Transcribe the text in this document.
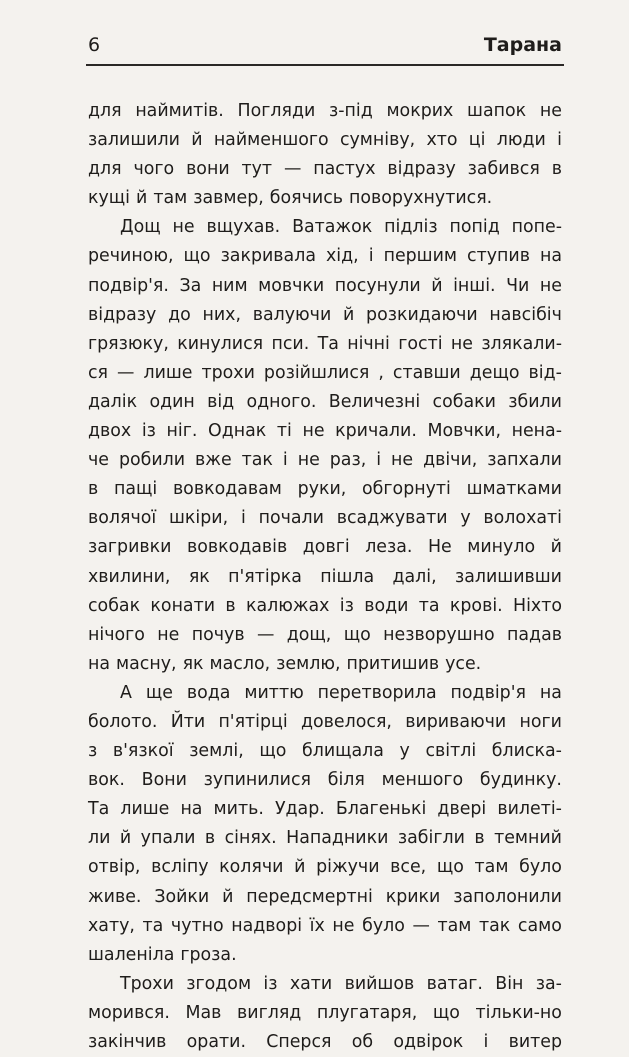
6	Тарана
для наймитів. Погляди з-під мокрих шапок не
залишили й найменшого сумніву, хто ці люди і
для чого вони тут — пастух відразу забився в
кущі й там завмер, боячись поворухнутися.
Дощ не вщухав. Ватажок підліз попід попе-
речиною, що закривала хід, і першим ступив на
подвір'я. За ним мовчки посунули й інші. Чи не
відразу до них, валуючи й розкидаючи навсібіч
грязюку, кинулися пси. Та нічні гості не злякали-
ся — лише трохи розійшлися , ставши дещо від-
далік один від одного. Величезні собаки збили
двох із ніг. Однак ті не кричали. Мовчки, нена-
че робили вже так і не раз, і не двічи, запхали
в пащі вовкодавам руки, обгорнуті шматками
волячої шкіри, і почали всаджувати у волохаті
загривки вовкодавів довгі леза. Не минуло й
хвилини, як п'ятірка пішла далі, залишивши
собак конати в калюжах із води та крові. Ніхто
нічого не почув — дощ, що незворушно падав
на масну, як масло, землю, притишив усе.
А ще вода миттю перетворила подвір'я на
болото. Йти п'ятірці довелося, вириваючи ноги
з в'язкої землі, що блищала у світлі блиска-
вок. Вони зупинилися біля меншого будинку.
Та лише на мить. Удар. Благенькі двері вилеті-
ли й упали в сінях. Нападники забігли в темний
отвір, всліпу колячи й ріжучи все, що там було
живе. Зойки й передсмертні крики заполонили
хату, та чутно надворі їх не було — там так само
шаленіла гроза.
Трохи згодом із хати вийшов ватаг. Він за-
морився. Мав вигляд плугатаря, що тільки-но
закінчив орати. Сперся об одвірок і витер
